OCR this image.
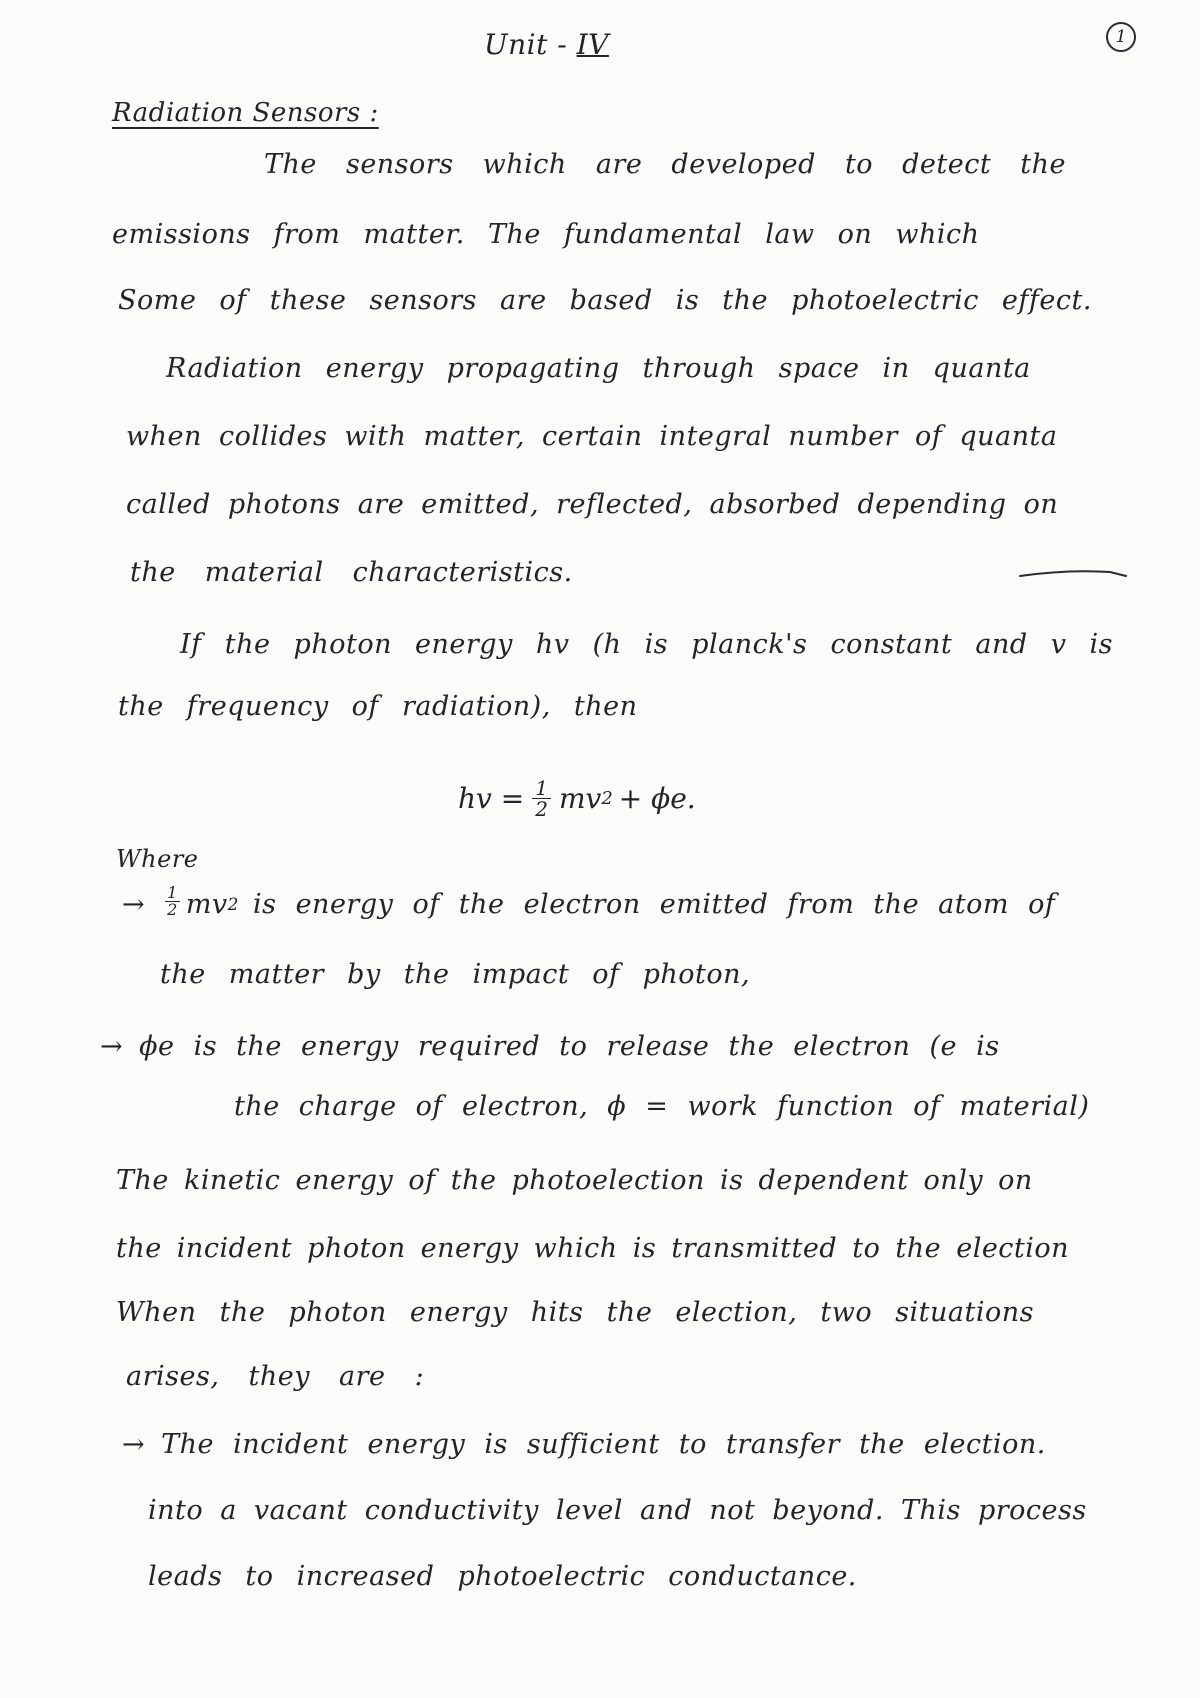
Unit - IV	1
Radiation Sensors :
The sensors which are developed to detect the
emissions from matter. The fundamental law on which
Some of these sensors are based is the photoelectric effect.
Radiation energy propagating through space in quanta
when collides with matter, certain integral number of quanta
called photons are emitted, reflected, absorbed depending on
the material characteristics.
If the photon energy hv (h is planck's constant and v is
the frequency of radiation), then
hv = $\frac{1}{2}$ mv 2 + ϕe.
Where
→ $\frac{1}{2}$ mv 2 is energy of the electron emitted from the atom of
the matter by the impact of photon,
→ ϕe is the energy required to release the electron (e is
the charge of electron, ϕ = work function of material)
The kinetic energy of the photoelection is dependent only on
the incident photon energy which is transmitted to the election
When the photon energy hits the election, two situations
arises, they are :
→ The incident energy is sufficient to transfer the election.
into a vacant conductivity level and not beyond. This process
leads to increased photoelectric conductance.
